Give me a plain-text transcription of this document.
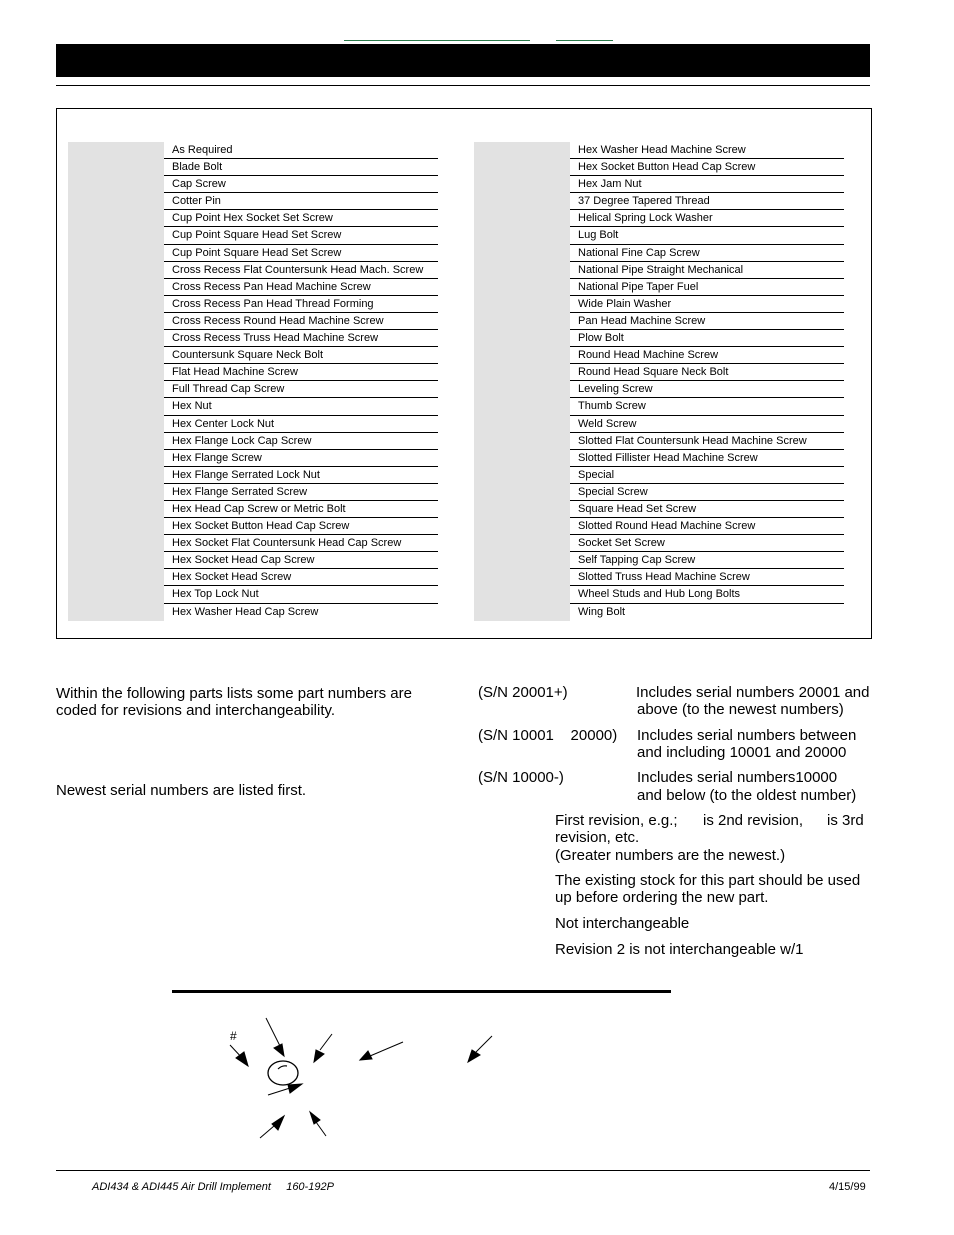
As Required
Blade Bolt
Cap Screw
Cotter Pin
Cup Point Hex Socket Set Screw
Cup Point Square Head Set Screw
Cup Point Square Head Set Screw
Cross Recess Flat Countersunk Head Mach. Screw
Cross Recess Pan Head Machine Screw
Cross Recess Pan Head Thread Forming
Cross Recess Round Head Machine Screw
Cross Recess Truss Head Machine Screw
Countersunk Square Neck Bolt
Flat Head Machine Screw
Full Thread Cap Screw
Hex Nut
Hex Center Lock Nut
Hex Flange Lock Cap Screw
Hex Flange Screw
Hex Flange Serrated Lock Nut
Hex Flange Serrated Screw
Hex Head Cap Screw or Metric Bolt
Hex Socket Button Head Cap Screw
Hex Socket Flat Countersunk Head Cap Screw
Hex Socket Head Cap Screw
Hex Socket Head Screw
Hex Top Lock Nut
Hex Washer Head Cap Screw
Hex Washer Head Machine Screw
Hex Socket Button Head Cap Screw
Hex Jam Nut
37 Degree Tapered Thread
Helical Spring Lock Washer
Lug Bolt
National Fine Cap Screw
National Pipe Straight Mechanical
National Pipe Taper Fuel
Wide Plain Washer
Pan Head Machine Screw
Plow Bolt
Round Head Machine Screw
Round Head Square Neck Bolt
Leveling Screw
Thumb Screw
Weld Screw
Slotted Flat Countersunk Head Machine Screw
Slotted Fillister Head Machine Screw
Special
Special Screw
Square Head Set Screw
Slotted Round Head Machine Screw
Socket Set Screw
Self Tapping Cap Screw
Slotted Truss Head Machine Screw
Wheel Studs and Hub Long Bolts
Wing Bolt
Within the following parts lists some part numbers are
coded for revisions and interchangeability.
Newest serial numbers are listed first.
(S/N 20001+)	Includes serial numbers 20001 and
above (to the newest numbers)
(S/N 10001    20000) Includes serial numbers between
and including 10001 and 20000
(S/N 10000-)	Includes serial numbers10000
and below (to the oldest number)
First revision, e.g.; is 2nd revision, is 3rd
revision, etc.
(Greater numbers are the newest.)
The existing stock for this part should be used
up before ordering the new part.
Not interchangeable
Revision 2 is not interchangeable w/1
#
ADI434 & ADI445 Air Drill Implement     160-192P	4/15/99
